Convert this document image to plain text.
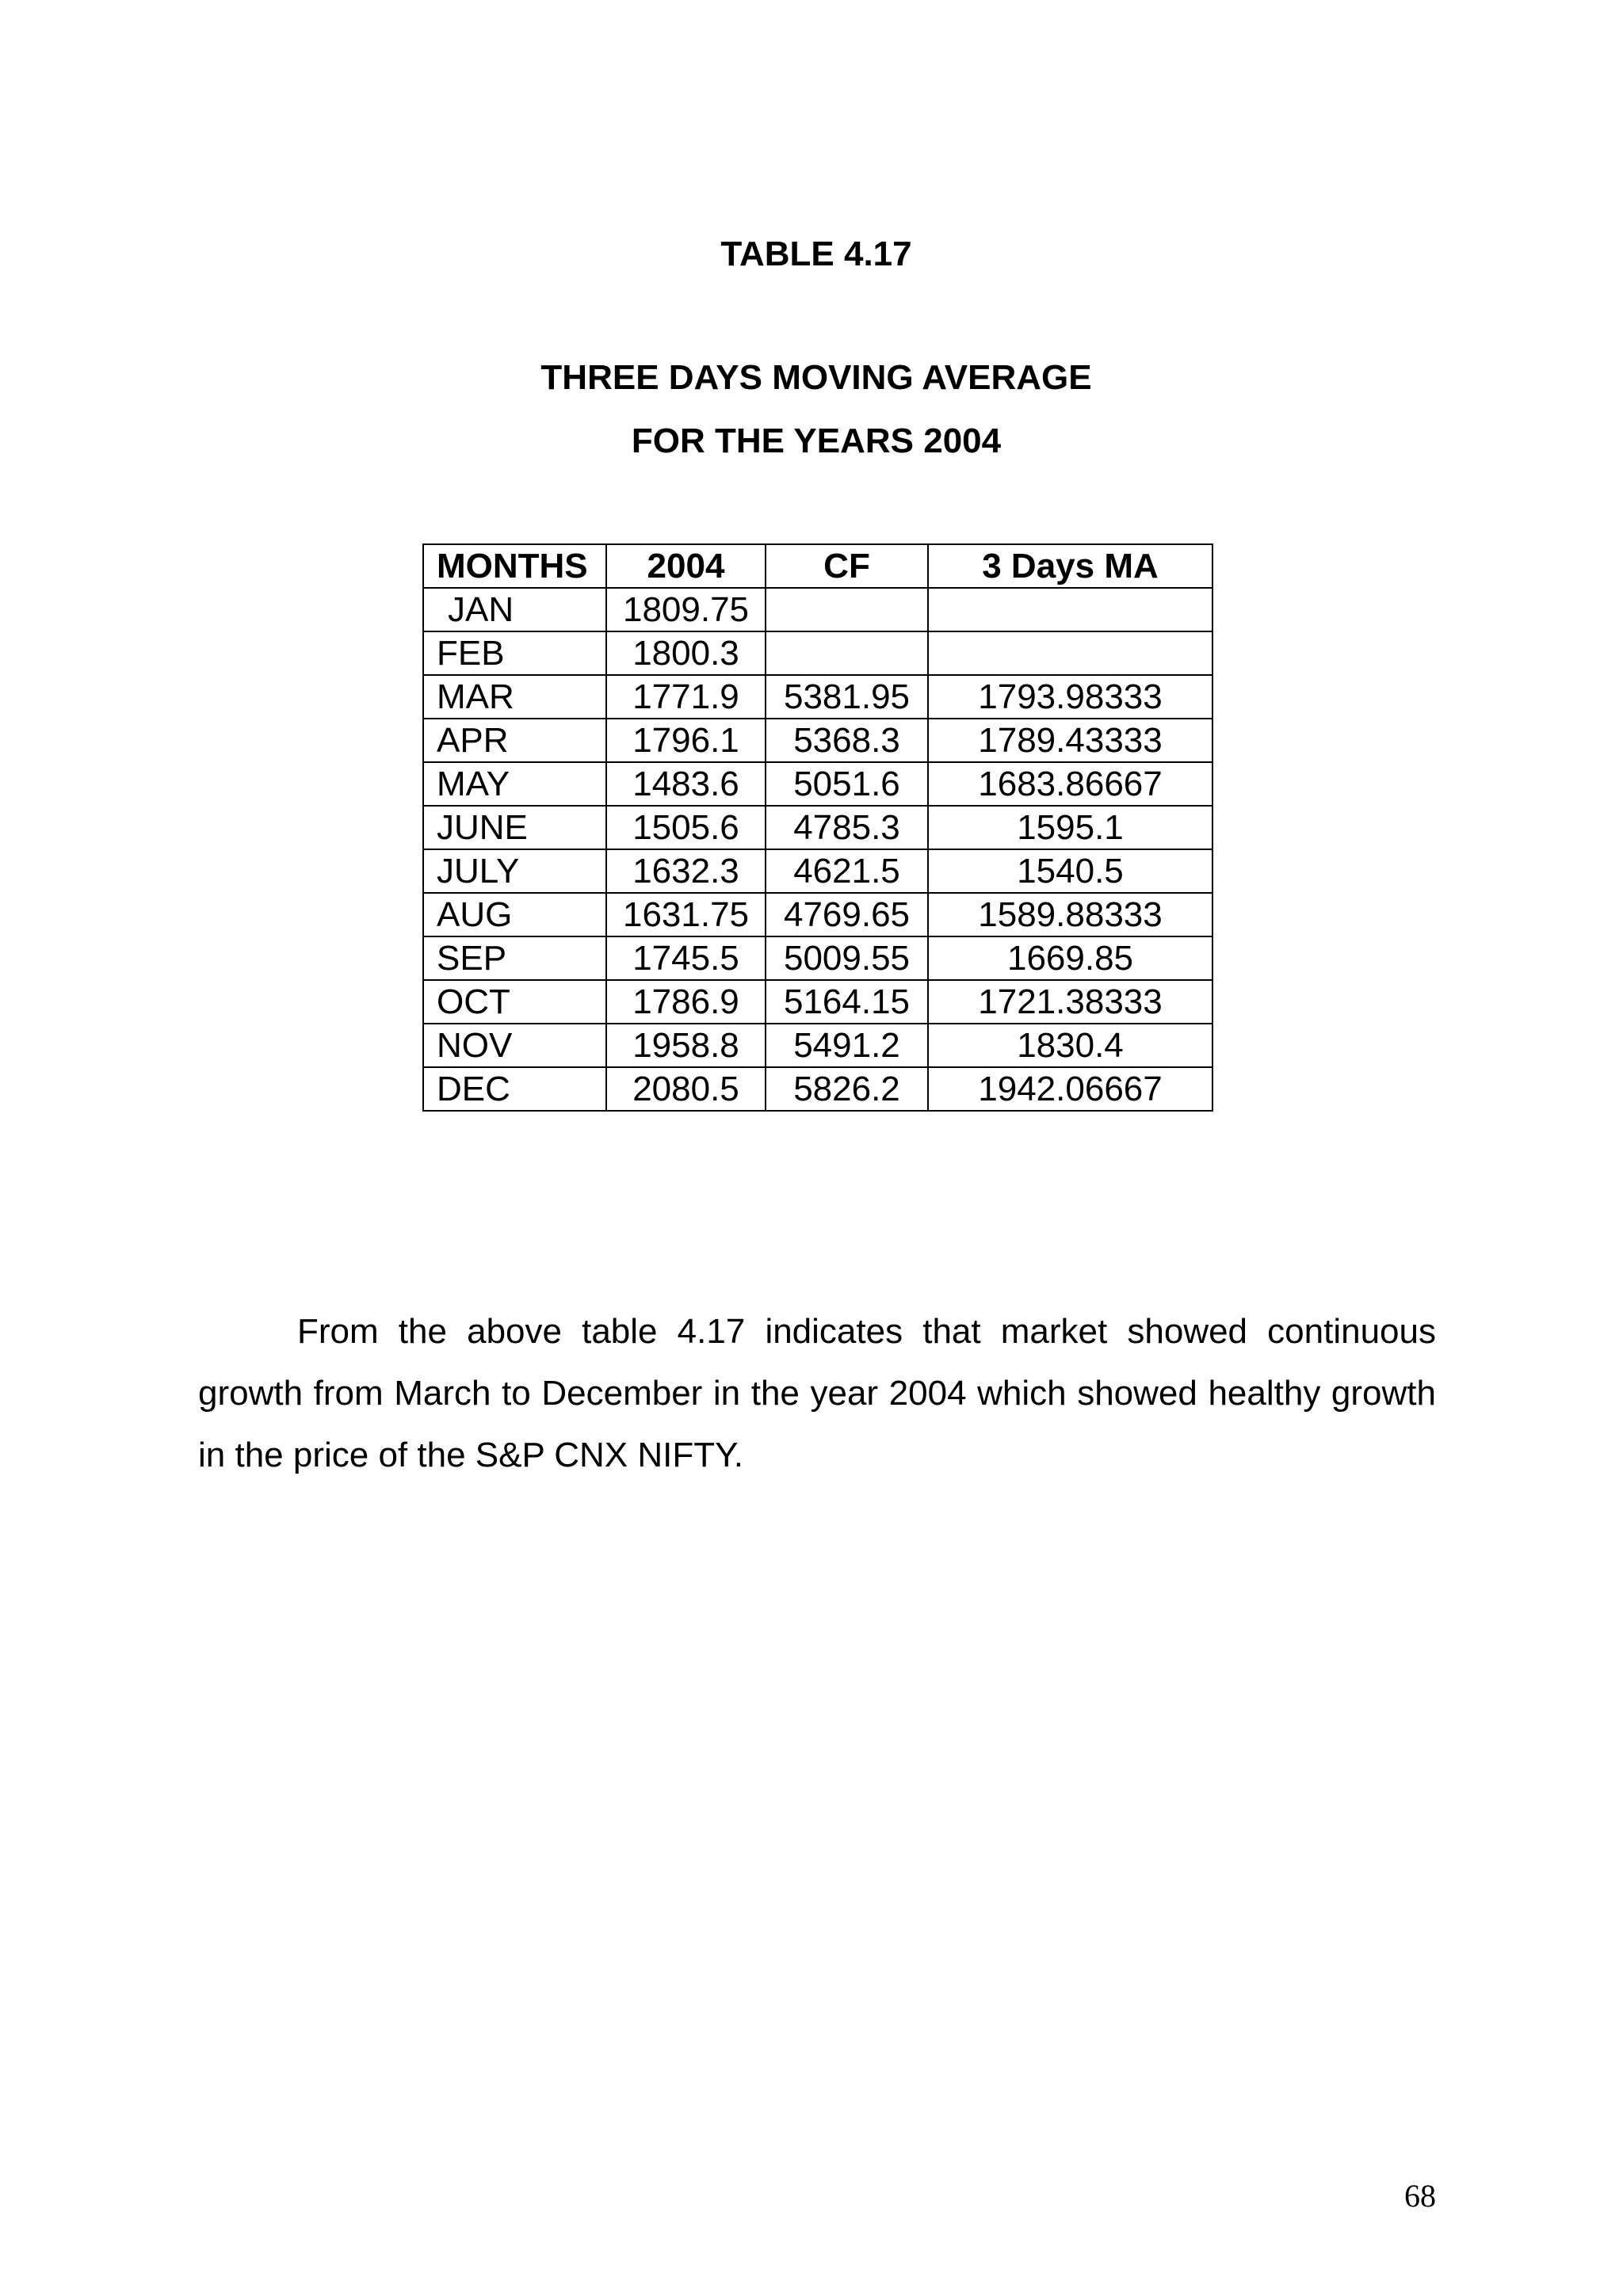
TABLE 4.17
THREE DAYS MOVING AVERAGE
FOR THE YEARS 2004
MONTHS	2004	CF	3 Days MA
JAN	1809.75		
FEB	1800.3		
MAR	1771.9	5381.95	1793.98333
APR	1796.1	5368.3	1789.43333
MAY	1483.6	5051.6	1683.86667
JUNE	1505.6	4785.3	1595.1
JULY	1632.3	4621.5	1540.5
AUG	1631.75	4769.65	1589.88333
SEP	1745.5	5009.55	1669.85
OCT	1786.9	5164.15	1721.38333
NOV	1958.8	5491.2	1830.4
DEC	2080.5	5826.2	1942.06667

From the above table 4.17 indicates that market showed continuous growth from March to December in the year 2004 which showed healthy growth in the price of the S&P CNX NIFTY.

68
